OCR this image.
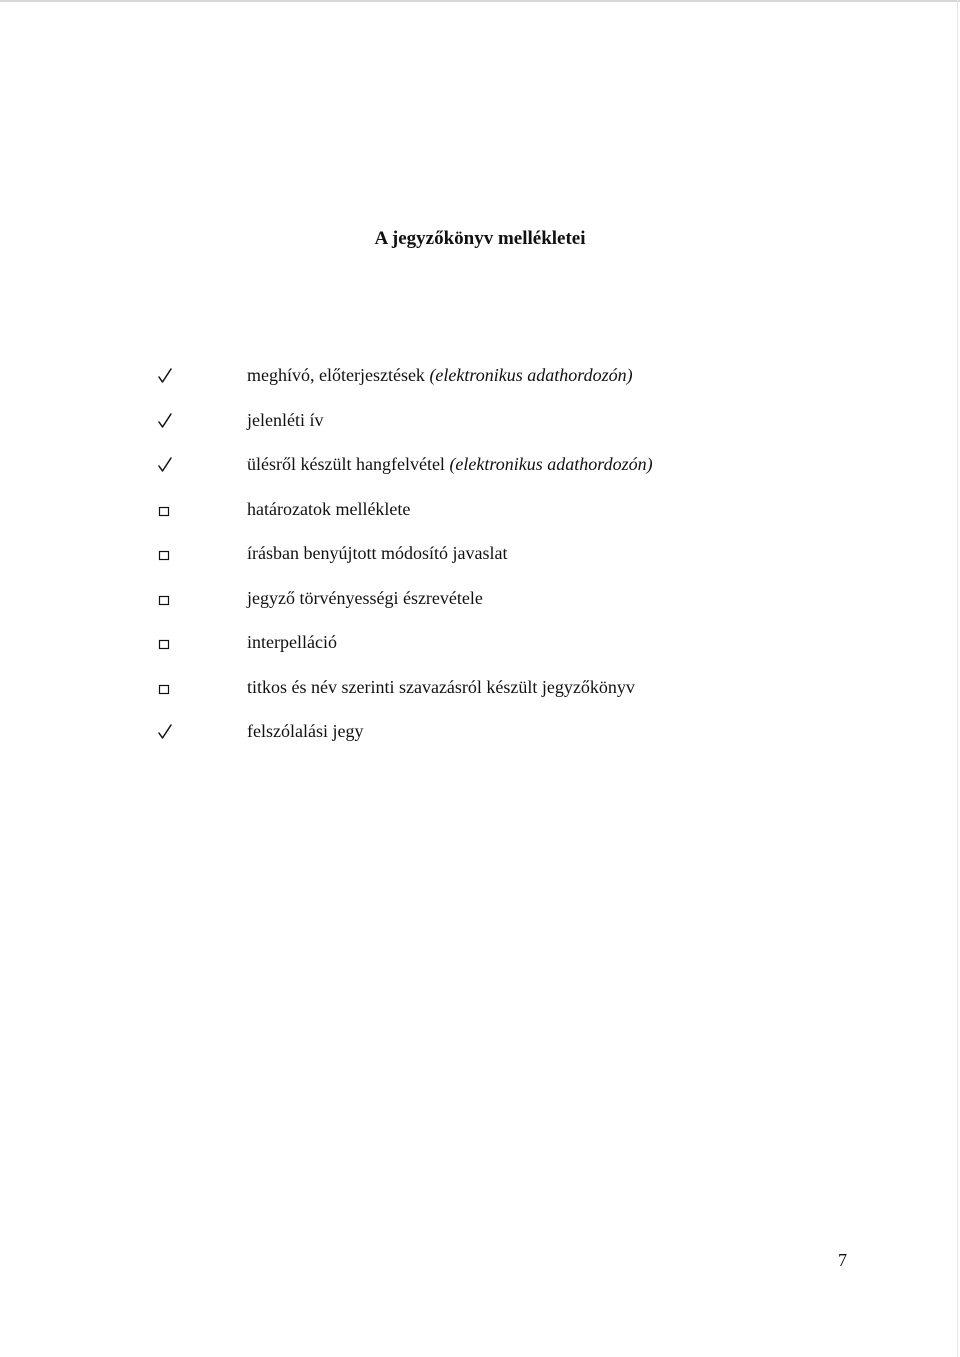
A jegyzőkönyv mellékletei
meghívó, előterjesztések (elektronikus adathordozón)
jelenléti ív
ülésről készült hangfelvétel (elektronikus adathordozón)
határozatok melléklete
írásban benyújtott módosító javaslat
jegyző törvényességi észrevétele
interpelláció
titkos és név szerinti szavazásról készült jegyzőkönyv
felszólalási jegy
7
